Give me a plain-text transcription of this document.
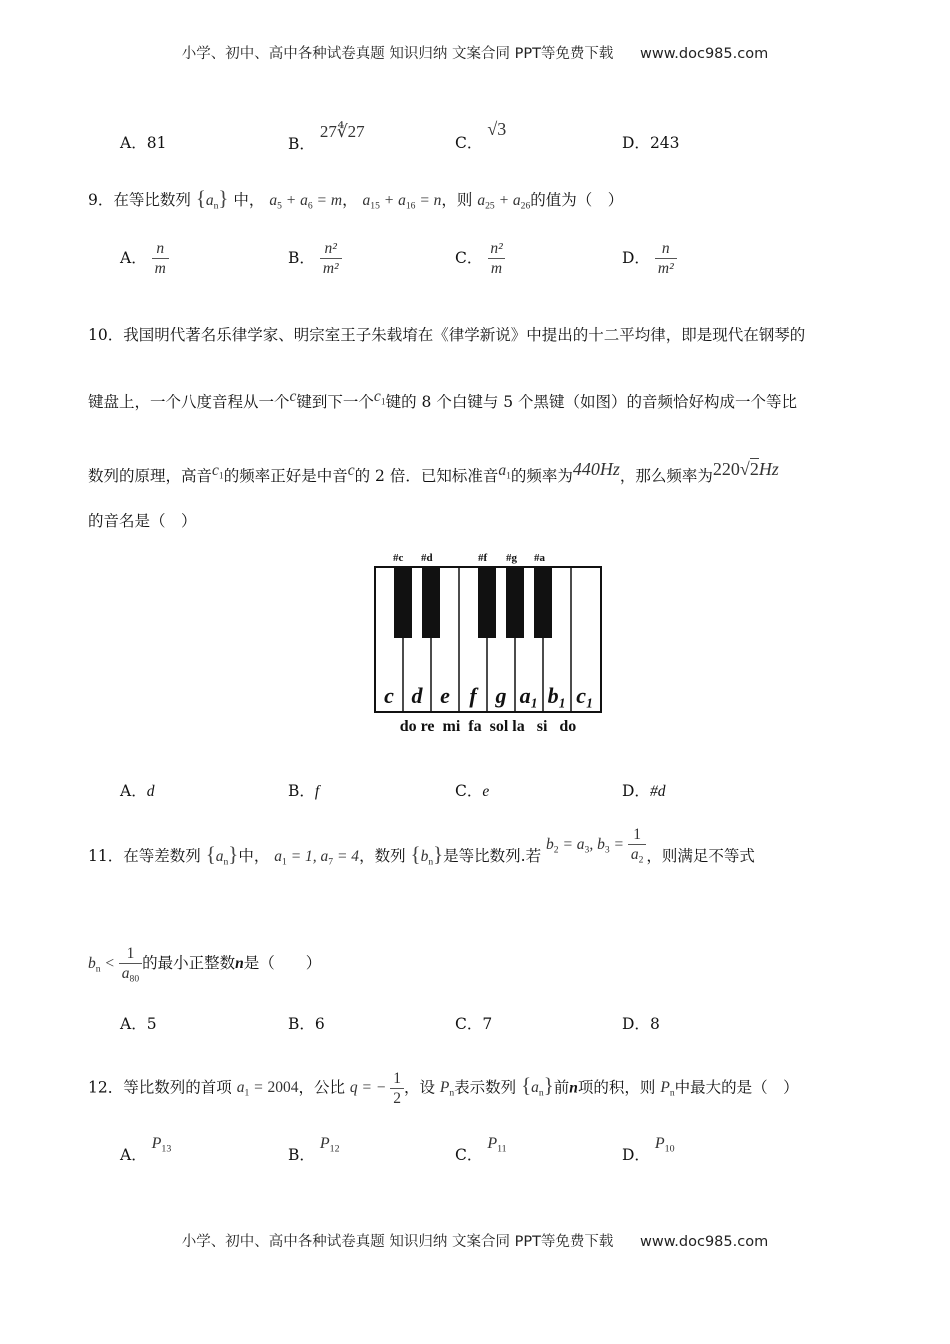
小学、初中、高中各种试卷真题 知识归纳 文案合同 PPT等免费下载 www.doc985.com
A．81	B． 27∜27
C． √3
D．243
9．在等比数列 $\{a_n\}$ 中， $a_5 + a_6 = m$， $a_{15} + a_{16} = n$，则 $a_{25} + a_{26}$的值为（　）
A． $\frac{n}{m}$	B． $\frac{\text{n²}}{\text{m²}}$	C． $\frac{\text{n²}}{m}$	D． $\frac{n}{\text{m²}}$
10．我国明代著名乐律学家、明宗室王子朱载堉在《律学新说》中提出的十二平均律，即是现代在钢琴的
键盘上，一个八度音程从一个c键到下一个$c_1$键的 8 个白键与 5 个黑键（如图）的音频恰好构成一个等比
数列的原理，高音$c_1$的频率正好是中音c的 2 倍．已知标准音$a_1$的频率为440Hz，那么频率为220√2Hz
的音名是（　）
#c #d	#f #g #a
c d e f g a₁ b₁ c₁
do re  mi  fa  sol la   si   do
A．d	B．f	C．e	D．#d
11．在等差数列 $\{a_n\}$中， $a_1 = 1$, $a_7 = 4$，数列 $\{b_n\}$是等比数列.若 $b_2 = a_3$, $b_3 = \frac{1}{a_2}$ ，则满足不等式
$b_n < \frac{1}{a_{80}}$ 的最小正整数n是（　　）
A．5	B．6	C．7	D．8
12．等比数列的首项 $a_1 = 2004$，公比 q = − $\frac{1}{2}$ ，设 $P_n$表示数列 $\{a_n\}$前n项的积，则 $P_n$中最大的是（　）
A． $P_{13}$	B． $P_{12}$	C． $P_{11}$	D． $P_{10}$
小学、初中、高中各种试卷真题 知识归纳 文案合同 PPT等免费下载 www.doc985.com
